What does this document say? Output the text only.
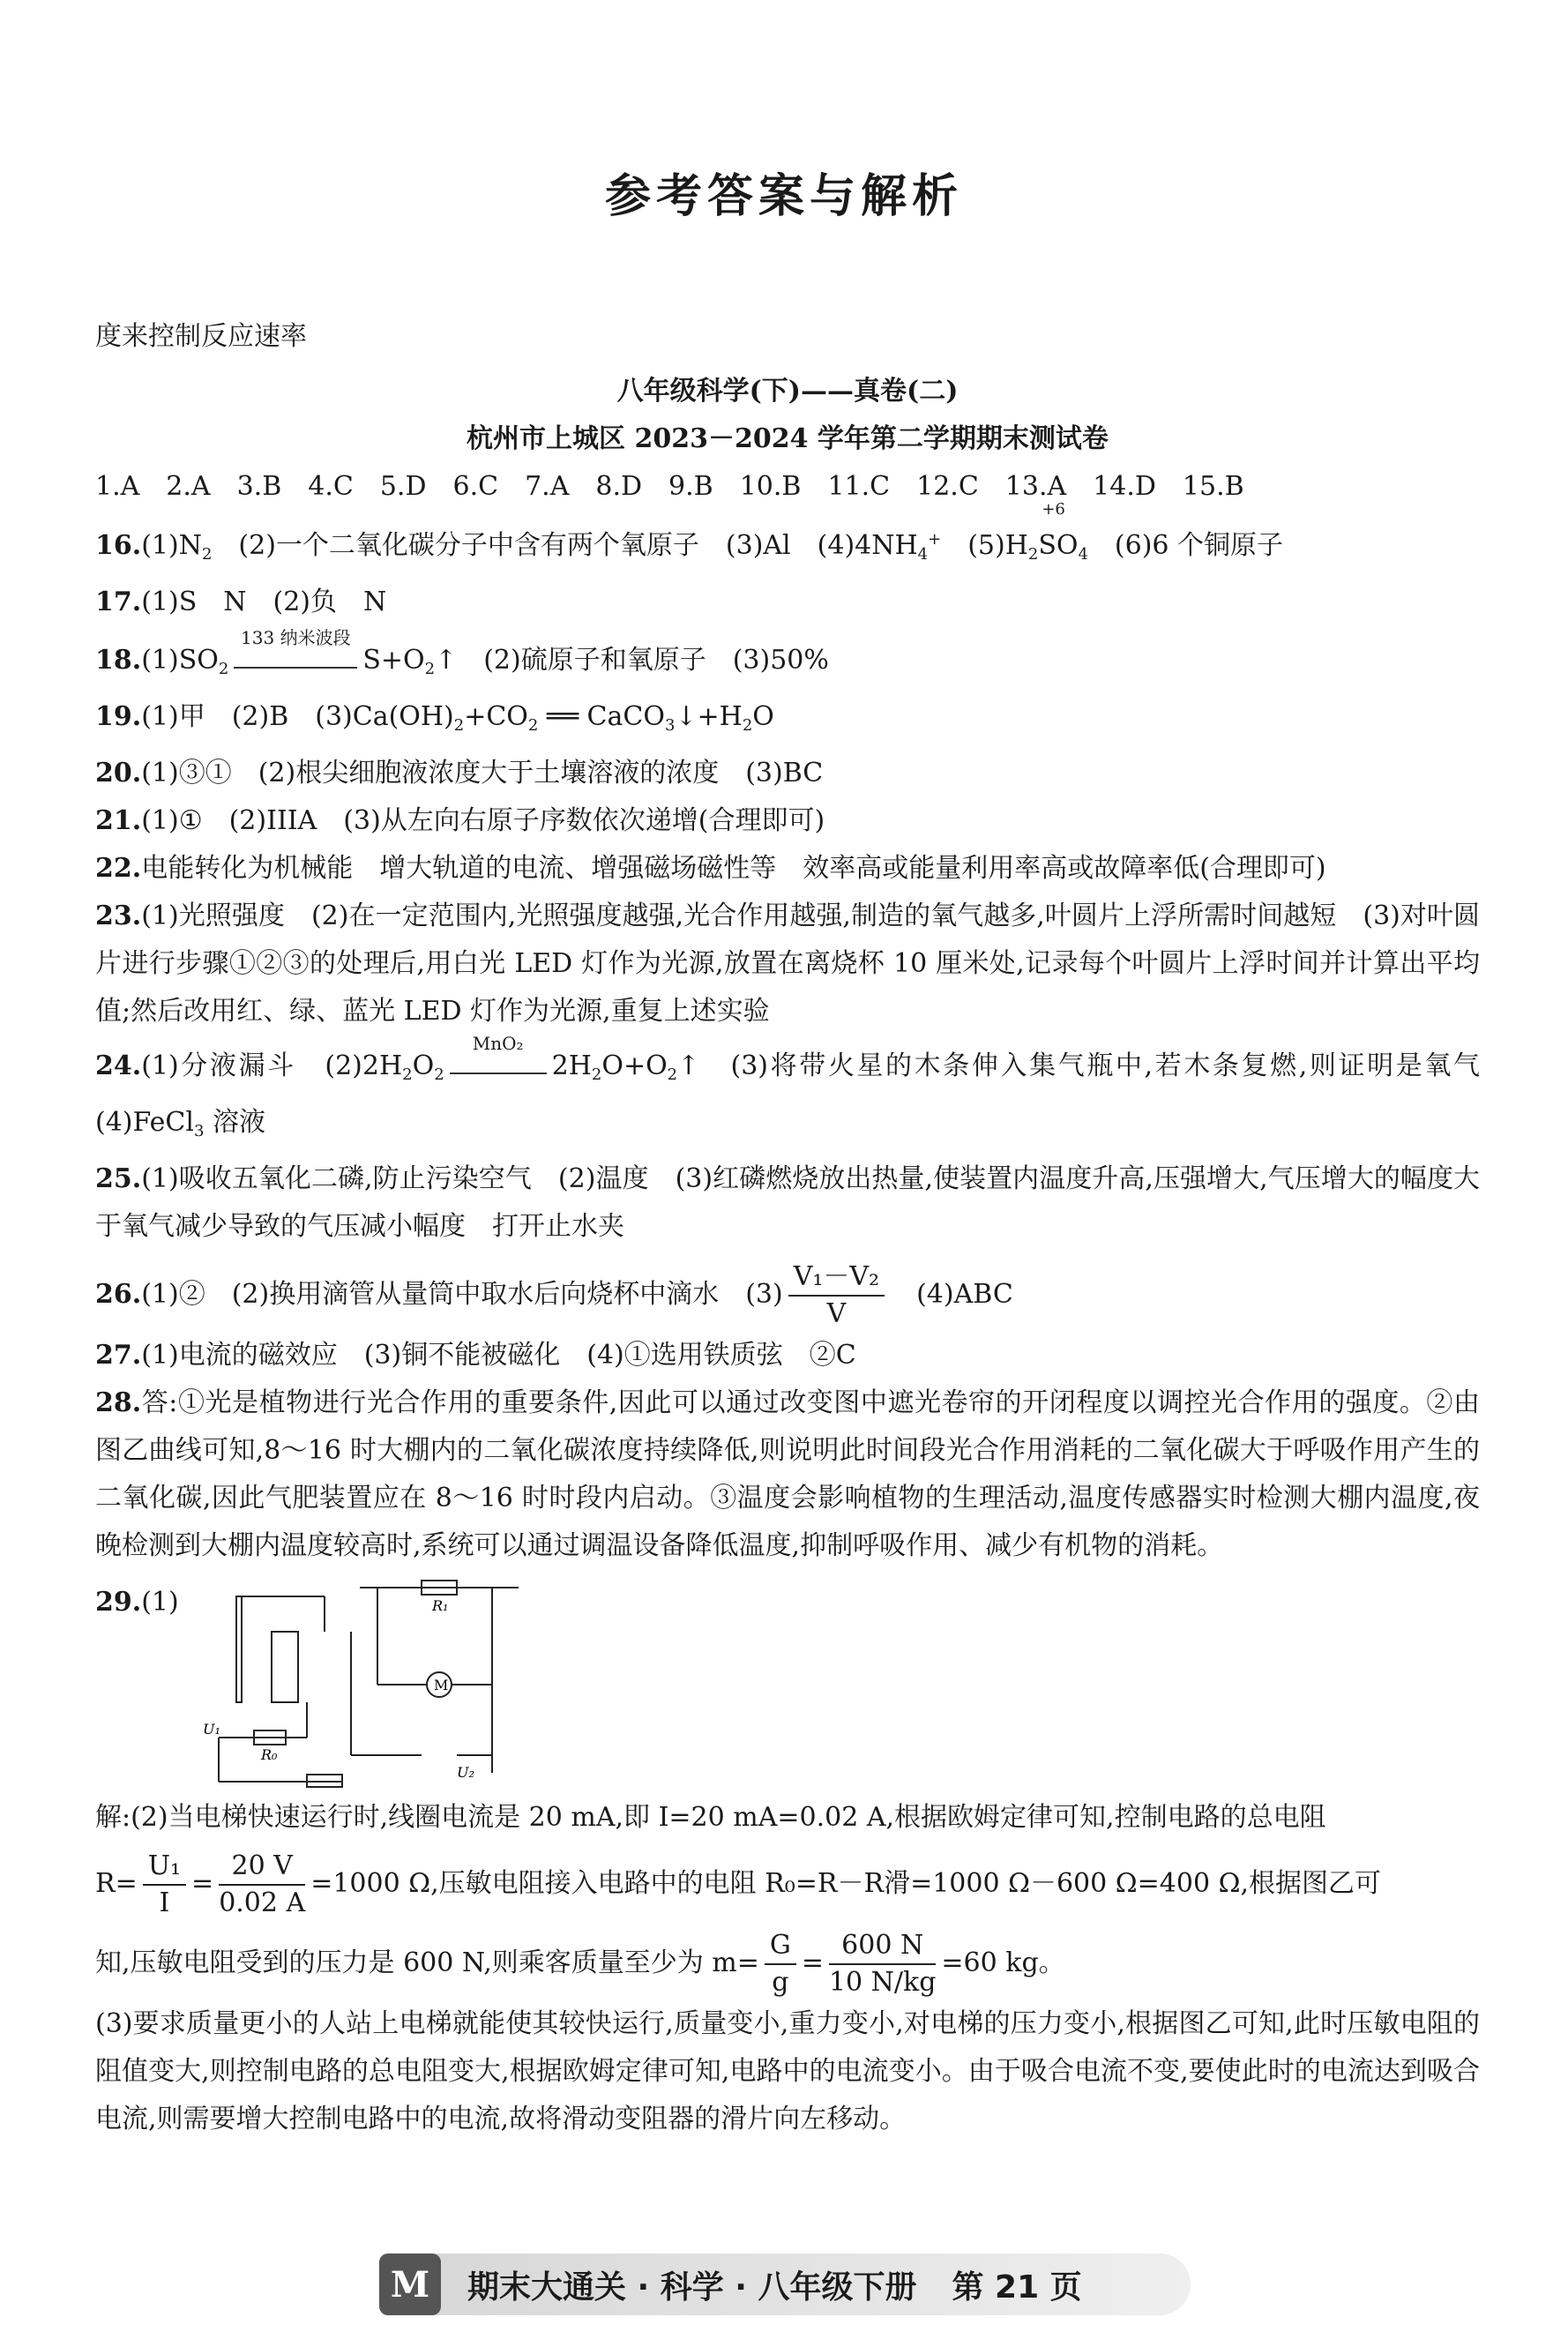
参考答案与解析
度来控制反应速率
八年级科学(下)——真卷(二)
杭州市上城区 2023－2024 学年第二学期期末测试卷
1.A　2.A　3.B　4.C　5.D　6.C　7.A　8.D　9.B　10.B　11.C　12.C　13.A　14.D　15.B
$16.(1)N_2$　(2)一个二氧化碳分子中含有两个氧原子　(3)Al　$(4)4NH_4^+$　$(5)H_2SO$
+6
$_4$　(6)6 个铜原子
17.(1)S　N　(2)负　N
$18.(1)SO_2$
133 纳米波段
$S+O_2↑$　(2)硫原子和氧原子　(3)50%
19.(1)甲　(2)B　$(3)Ca(OH)_2+CO_2$ ══ $CaCO_3↓+H_2O$
20.(1)③①　(2)根尖细胞液浓度大于土壤溶液的浓度　(3)BC
21.(1)①　(2)IIIA　(3)从左向右原子序数依次递增(合理即可)
22.电能转化为机械能　增大轨道的电流、增强磁场磁性等　效率高或能量利用率高或故障率低(合理即可)
23.(1)光照强度　(2)在一定范围内,光照强度越强,光合作用越强,制造的氧气越多,叶圆片上浮所需时间越短　(3)对叶圆片进行步骤①②③的处理后,用白光 LED 灯作为光源,放置在离烧杯 10 厘米处,记录每个叶圆片上浮时间并计算出平均值;然后改用红、绿、蓝光 LED 灯作为光源,重复上述实验
24.(1)分液漏斗　$(2)2H_2O_2$
MnO₂
$2H_2O+O_2↑$　(3)将带火星的木条伸入集气瓶中,若木条复燃,则证明是氧气　(4)FeCl$_3$ 溶液
25.(1)吸收五氧化二磷,防止污染空气　(2)温度　(3)红磷燃烧放出热量,使装置内温度升高,压强增大,气压增大的幅度大于氧气减少导致的气压减小幅度　打开止水夹
26.(1)②　(2)换用滴管从量筒中取水后向烧杯中滴水　$(3) \frac{\text{V₁－V₂}}{V}$ 　(4)ABC
27.(1)电流的磁效应　(3)铜不能被磁化　(4)①选用铁质弦　②C
28.答:①光是植物进行光合作用的重要条件,因此可以通过改变图中遮光卷帘的开闭程度以调控光合作用的强度。②由图乙曲线可知,8～16 时大棚内的二氧化碳浓度持续降低,则说明此时间段光合作用消耗的二氧化碳大于呼吸作用产生的二氧化碳,因此气肥装置应在 8～16 时时段内启动。③温度会影响植物的生理活动,温度传感器实时检测大棚内温度,夜晚检测到大棚内温度较高时,系统可以通过调温设备降低温度,抑制呼吸作用、减少有机物的消耗。
29.(1)	R₁
M
U₁
R₀
U₂
解:(2)当电梯快速运行时,线圈电流是 20 mA,即 I=20 mA=0.02 A,根据欧姆定律可知,控制电路的总电阻
$R= \frac{\text{U₁}}{I} = \frac{20 V}{0.02 A} =1000$ Ω,压敏电阻接入电路中的电阻 R₀=R－R滑=1000 Ω－600 Ω=400 Ω,根据图乙可
知,压敏电阻受到的压力是 600 N,则乘客质量至少为 $m= \frac{G}{g} = \frac{600 N}{10 N/kg} =60$ kg。
(3)要求质量更小的人站上电梯就能使其较快运行,质量变小,重力变小,对电梯的压力变小,根据图乙可知,此时压敏电阻的阻值变大,则控制电路的总电阻变大,根据欧姆定律可知,电路中的电流变小。由于吸合电流不变,要使此时的电流达到吸合电流,则需要增大控制电路中的电流,故将滑动变阻器的滑片向左移动。
M	期末大通关 · 科学 · 八年级下册 第 21 页
